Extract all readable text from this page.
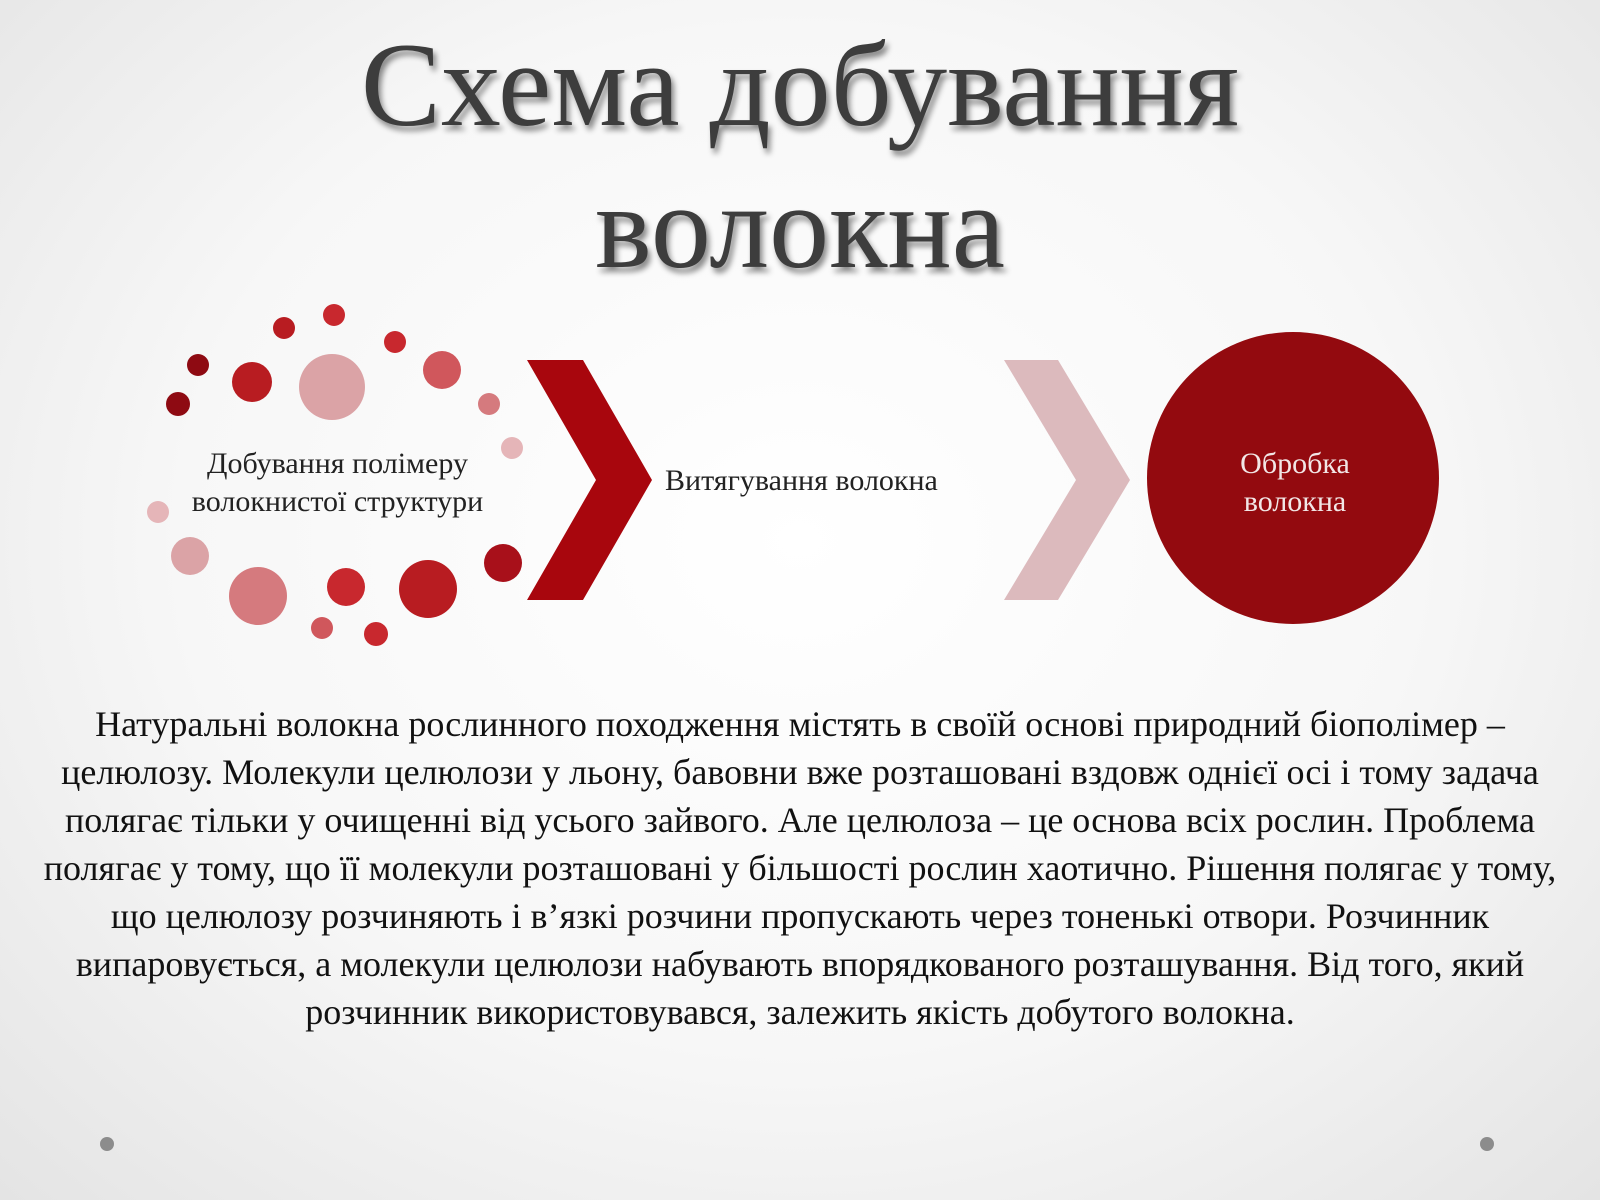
Схема добування
волокна
Добування полімеру
волокнистої структури
Витягування волокна
Обробка
волокна

Натуральні волокна рослинного походження містять в своїй основі природний біополімер – целюлозу. Молекули целюлози у льону, бавовни вже розташовані вздовж однієї осі і тому задача полягає тільки у очищенні від усього зайвого. Але целюлоза – це основа всіх рослин. Проблема полягає у тому, що її молекули розташовані у більшості рослин хаотично. Рішення полягає у тому, що целюлозу розчиняють і в’язкі розчини пропускають через тоненькі отвори. Розчинник випаровується, а молекули целюлози набувають впорядкованого розташування. Від того, який розчинник використовувався, залежить якість добутого волокна.
